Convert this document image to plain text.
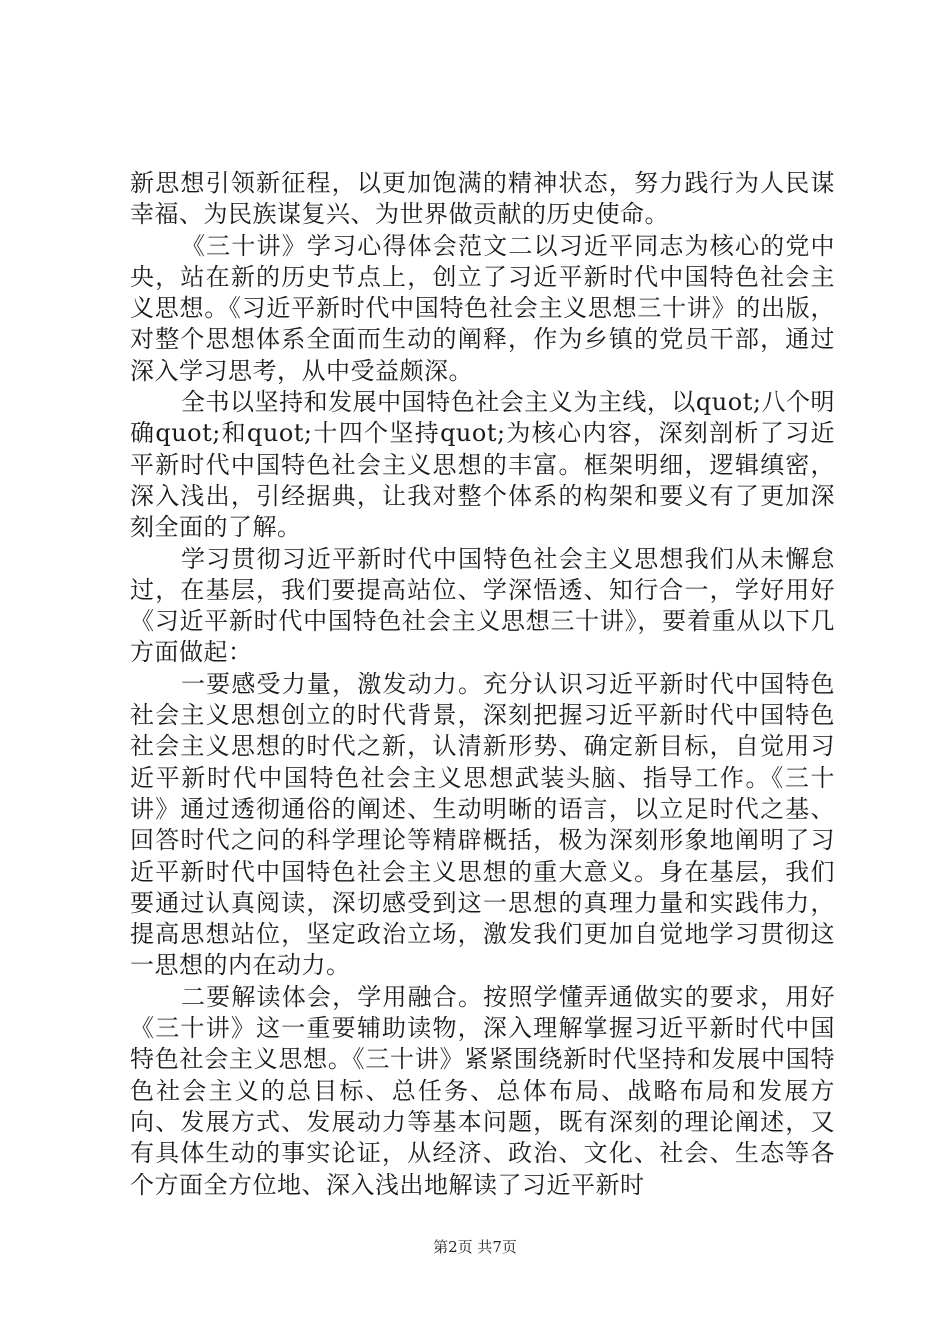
新思想引领新征程，以更加饱满的精神状态，努力践行为人民谋幸福、为民族谋复兴、为世界做贡献的历史使命。

《三十讲》学习心得体会范文二以习近平同志为核心的党中央，站在新的历史节点上，创立了习近平新时代中国特色社会主义思想。《习近平新时代中国特色社会主义思想三十讲》的出版，对整个思想体系全面而生动的阐释，作为乡镇的党员干部，通过深入学习思考，从中受益颇深。

全书以坚持和发展中国特色社会主义为主线，以quot;八个明确quot;和quot;十四个坚持quot;为核心内容，深刻剖析了习近平新时代中国特色社会主义思想的丰富。框架明细，逻辑缜密，深入浅出，引经据典，让我对整个体系的构架和要义有了更加深刻全面的了解。

学习贯彻习近平新时代中国特色社会主义思想我们从未懈怠过，在基层，我们要提高站位、学深悟透、知行合一，学好用好《习近平新时代中国特色社会主义思想三十讲》，要着重从以下几方面做起：

一要感受力量，激发动力。充分认识习近平新时代中国特色社会主义思想创立的时代背景，深刻把握习近平新时代中国特色社会主义思想的时代之新，认清新形势、确定新目标，自觉用习近平新时代中国特色社会主义思想武装头脑、指导工作。《三十讲》通过透彻通俗的阐述、生动明晰的语言，以立足时代之基、回答时代之问的科学理论等精辟概括，极为深刻形象地阐明了习近平新时代中国特色社会主义思想的重大意义。身在基层，我们要通过认真阅读，深切感受到这一思想的真理力量和实践伟力，提高思想站位，坚定政治立场，激发我们更加自觉地学习贯彻这一思想的内在动力。

二要解读体会，学用融合。按照学懂弄通做实的要求，用好《三十讲》这一重要辅助读物，深入理解掌握习近平新时代中国特色社会主义思想。《三十讲》紧紧围绕新时代坚持和发展中国特色社会主义的总目标、总任务、总体布局、战略布局和发展方向、发展方式、发展动力等基本问题，既有深刻的理论阐述，又有具体生动的事实论证，从经济、政治、文化、社会、生态等各个方面全方位地、深入浅出地解读了习近平新时

第2页 共7页
